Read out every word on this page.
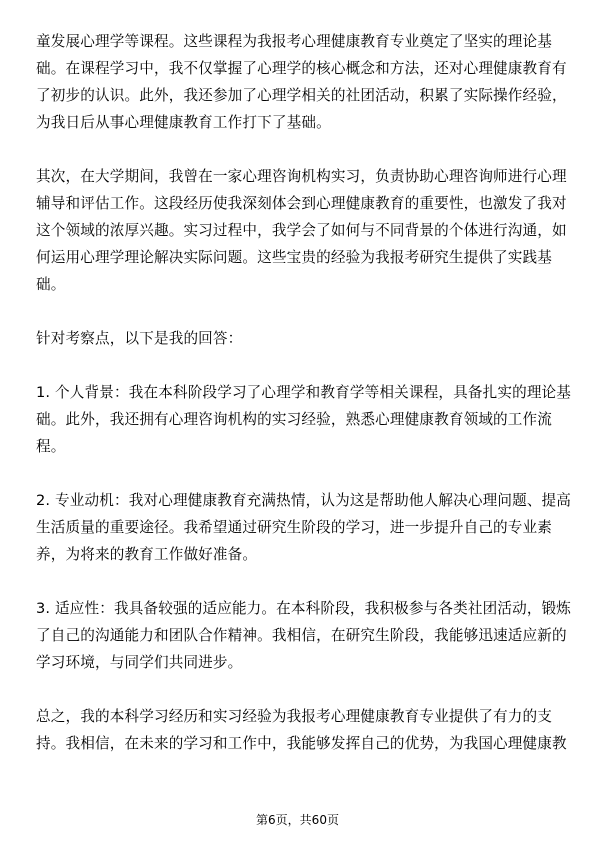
童发展心理学等课程。这些课程为我报考心理健康教育专业奠定了坚实的理论基
础。在课程学习中，我不仅掌握了心理学的核心概念和方法，还对心理健康教育有
了初步的认识。此外，我还参加了心理学相关的社团活动，积累了实际操作经验，
为我日后从事心理健康教育工作打下了基础。

其次，在大学期间，我曾在一家心理咨询机构实习，负责协助心理咨询师进行心理
辅导和评估工作。这段经历使我深刻体会到心理健康教育的重要性，也激发了我对
这个领域的浓厚兴趣。实习过程中，我学会了如何与不同背景的个体进行沟通，如
何运用心理学理论解决实际问题。这些宝贵的经验为我报考研究生提供了实践基
础。

针对考察点，以下是我的回答：

1. 个人背景：我在本科阶段学习了心理学和教育学等相关课程，具备扎实的理论基
础。此外，我还拥有心理咨询机构的实习经验，熟悉心理健康教育领域的工作流
程。

2. 专业动机：我对心理健康教育充满热情，认为这是帮助他人解决心理问题、提高
生活质量的重要途径。我希望通过研究生阶段的学习，进一步提升自己的专业素
养，为将来的教育工作做好准备。

3. 适应性：我具备较强的适应能力。在本科阶段，我积极参与各类社团活动，锻炼
了自己的沟通能力和团队合作精神。我相信，在研究生阶段，我能够迅速适应新的
学习环境，与同学们共同进步。

总之，我的本科学习经历和实习经验为我报考心理健康教育专业提供了有力的支
持。我相信，在未来的学习和工作中，我能够发挥自己的优势，为我国心理健康教

第6页，共60页
